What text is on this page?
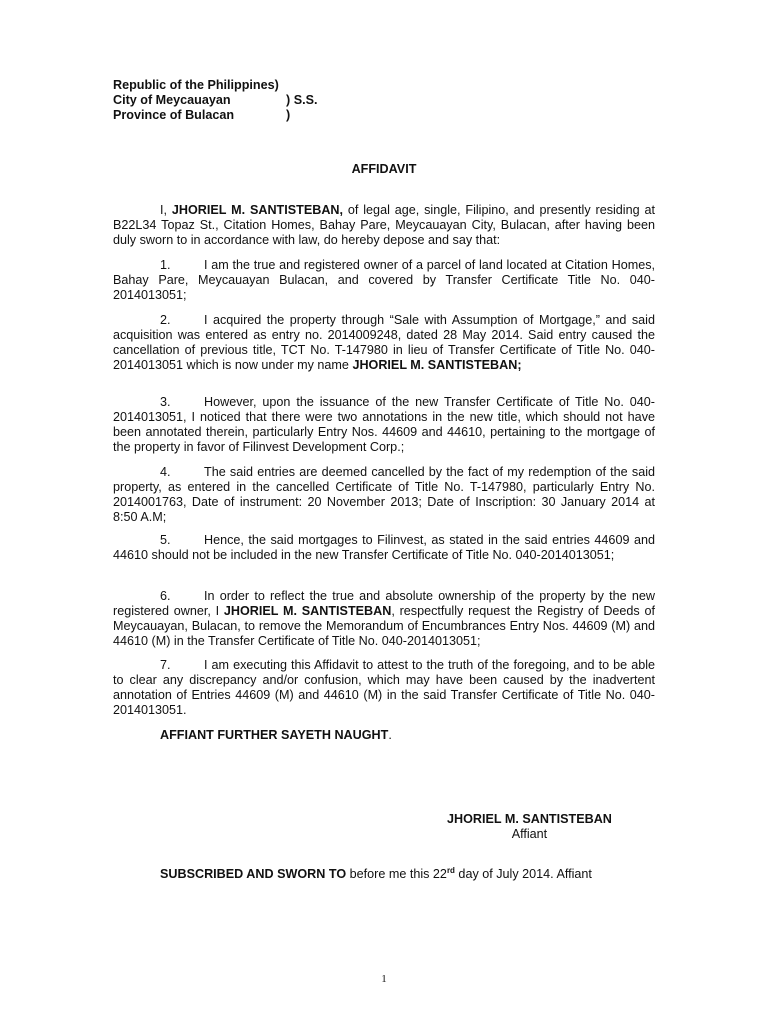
Republic of the Philippines)
City of Meycauayan	) S.S.
Province of Bulacan	)
AFFIDAVIT
I, JHORIEL M. SANTISTEBAN, of legal age, single, Filipino, and presently residing at B22L34 Topaz St., Citation Homes, Bahay Pare, Meycauayan City, Bulacan, after having been duly sworn to in accordance with law, do hereby depose and say that:
1.	I am the true and registered owner of a parcel of land located at Citation Homes, Bahay Pare, Meycauayan Bulacan, and covered by Transfer Certificate Title No. 040-2014013051;
2.	I acquired the property through “Sale with Assumption of Mortgage,” and said acquisition was entered as entry no. 2014009248, dated 28 May 2014. Said entry caused the cancellation of previous title, TCT No. T-147980 in lieu of Transfer Certificate of Title No. 040-2014013051 which is now under my name JHORIEL M. SANTISTEBAN;
3.	However, upon the issuance of the new Transfer Certificate of Title No. 040-2014013051, I noticed that there were two annotations in the new title, which should not have been annotated therein, particularly Entry Nos. 44609 and 44610, pertaining to the mortgage of the property in favor of Filinvest Development Corp.;
4.	The said entries are deemed cancelled by the fact of my redemption of the said property, as entered in the cancelled Certificate of Title No. T-147980, particularly Entry No. 2014001763, Date of instrument: 20 November 2013; Date of Inscription: 30 January 2014 at 8:50 A.M;
5.	Hence, the said mortgages to Filinvest, as stated in the said entries 44609 and 44610 should not be included in the new Transfer Certificate of Title No. 040-2014013051;
6.	In order to reflect the true and absolute ownership of the property by the new registered owner, I JHORIEL M. SANTISTEBAN, respectfully request the Registry of Deeds of Meycauayan, Bulacan, to remove the Memorandum of Encumbrances Entry Nos. 44609 (M) and 44610 (M) in the Transfer Certificate of Title No. 040-2014013051;
7.	I am executing this Affidavit to attest to the truth of the foregoing, and to be able to clear any discrepancy and/or confusion, which may have been caused by the inadvertent annotation of Entries 44609 (M) and 44610 (M) in the said Transfer Certificate of Title No. 040-2014013051.
AFFIANT FURTHER SAYETH NAUGHT.
JHORIEL M. SANTISTEBAN
Affiant
SUBSCRIBED AND SWORN TO before me this 22rd day of July 2014. Affiant
1
